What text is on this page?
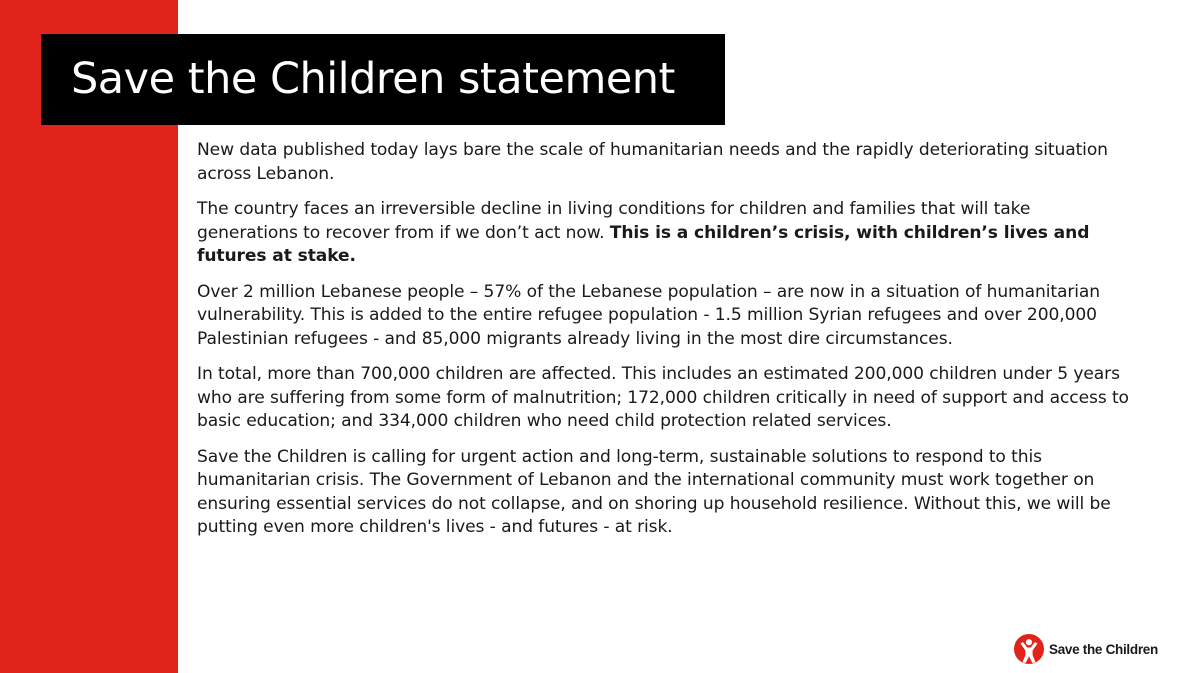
Save the Children statement

New data published today lays bare the scale of humanitarian needs and the rapidly deteriorating situation across Lebanon.

The country faces an irreversible decline in living conditions for children and families that will take generations to recover from if we don’t act now. This is a children’s crisis, with children’s lives and futures at stake.

Over 2 million Lebanese people – 57% of the Lebanese population – are now in a situation of humanitarian vulnerability. This is added to the entire refugee population - 1.5 million Syrian refugees and over 200,000 Palestinian refugees - and 85,000 migrants already living in the most dire circumstances.

In total, more than 700,000 children are affected. This includes an estimated 200,000 children under 5 years who are suffering from some form of malnutrition; 172,000 children critically in need of support and access to basic education; and 334,000 children who need child protection related services.

Save the Children is calling for urgent action and long-term, sustainable solutions to respond to this humanitarian crisis. The Government of Lebanon and the international community must work together on ensuring essential services do not collapse, and on shoring up household resilience. Without this, we will be putting even more children's lives - and futures - at risk.

Save the Children
